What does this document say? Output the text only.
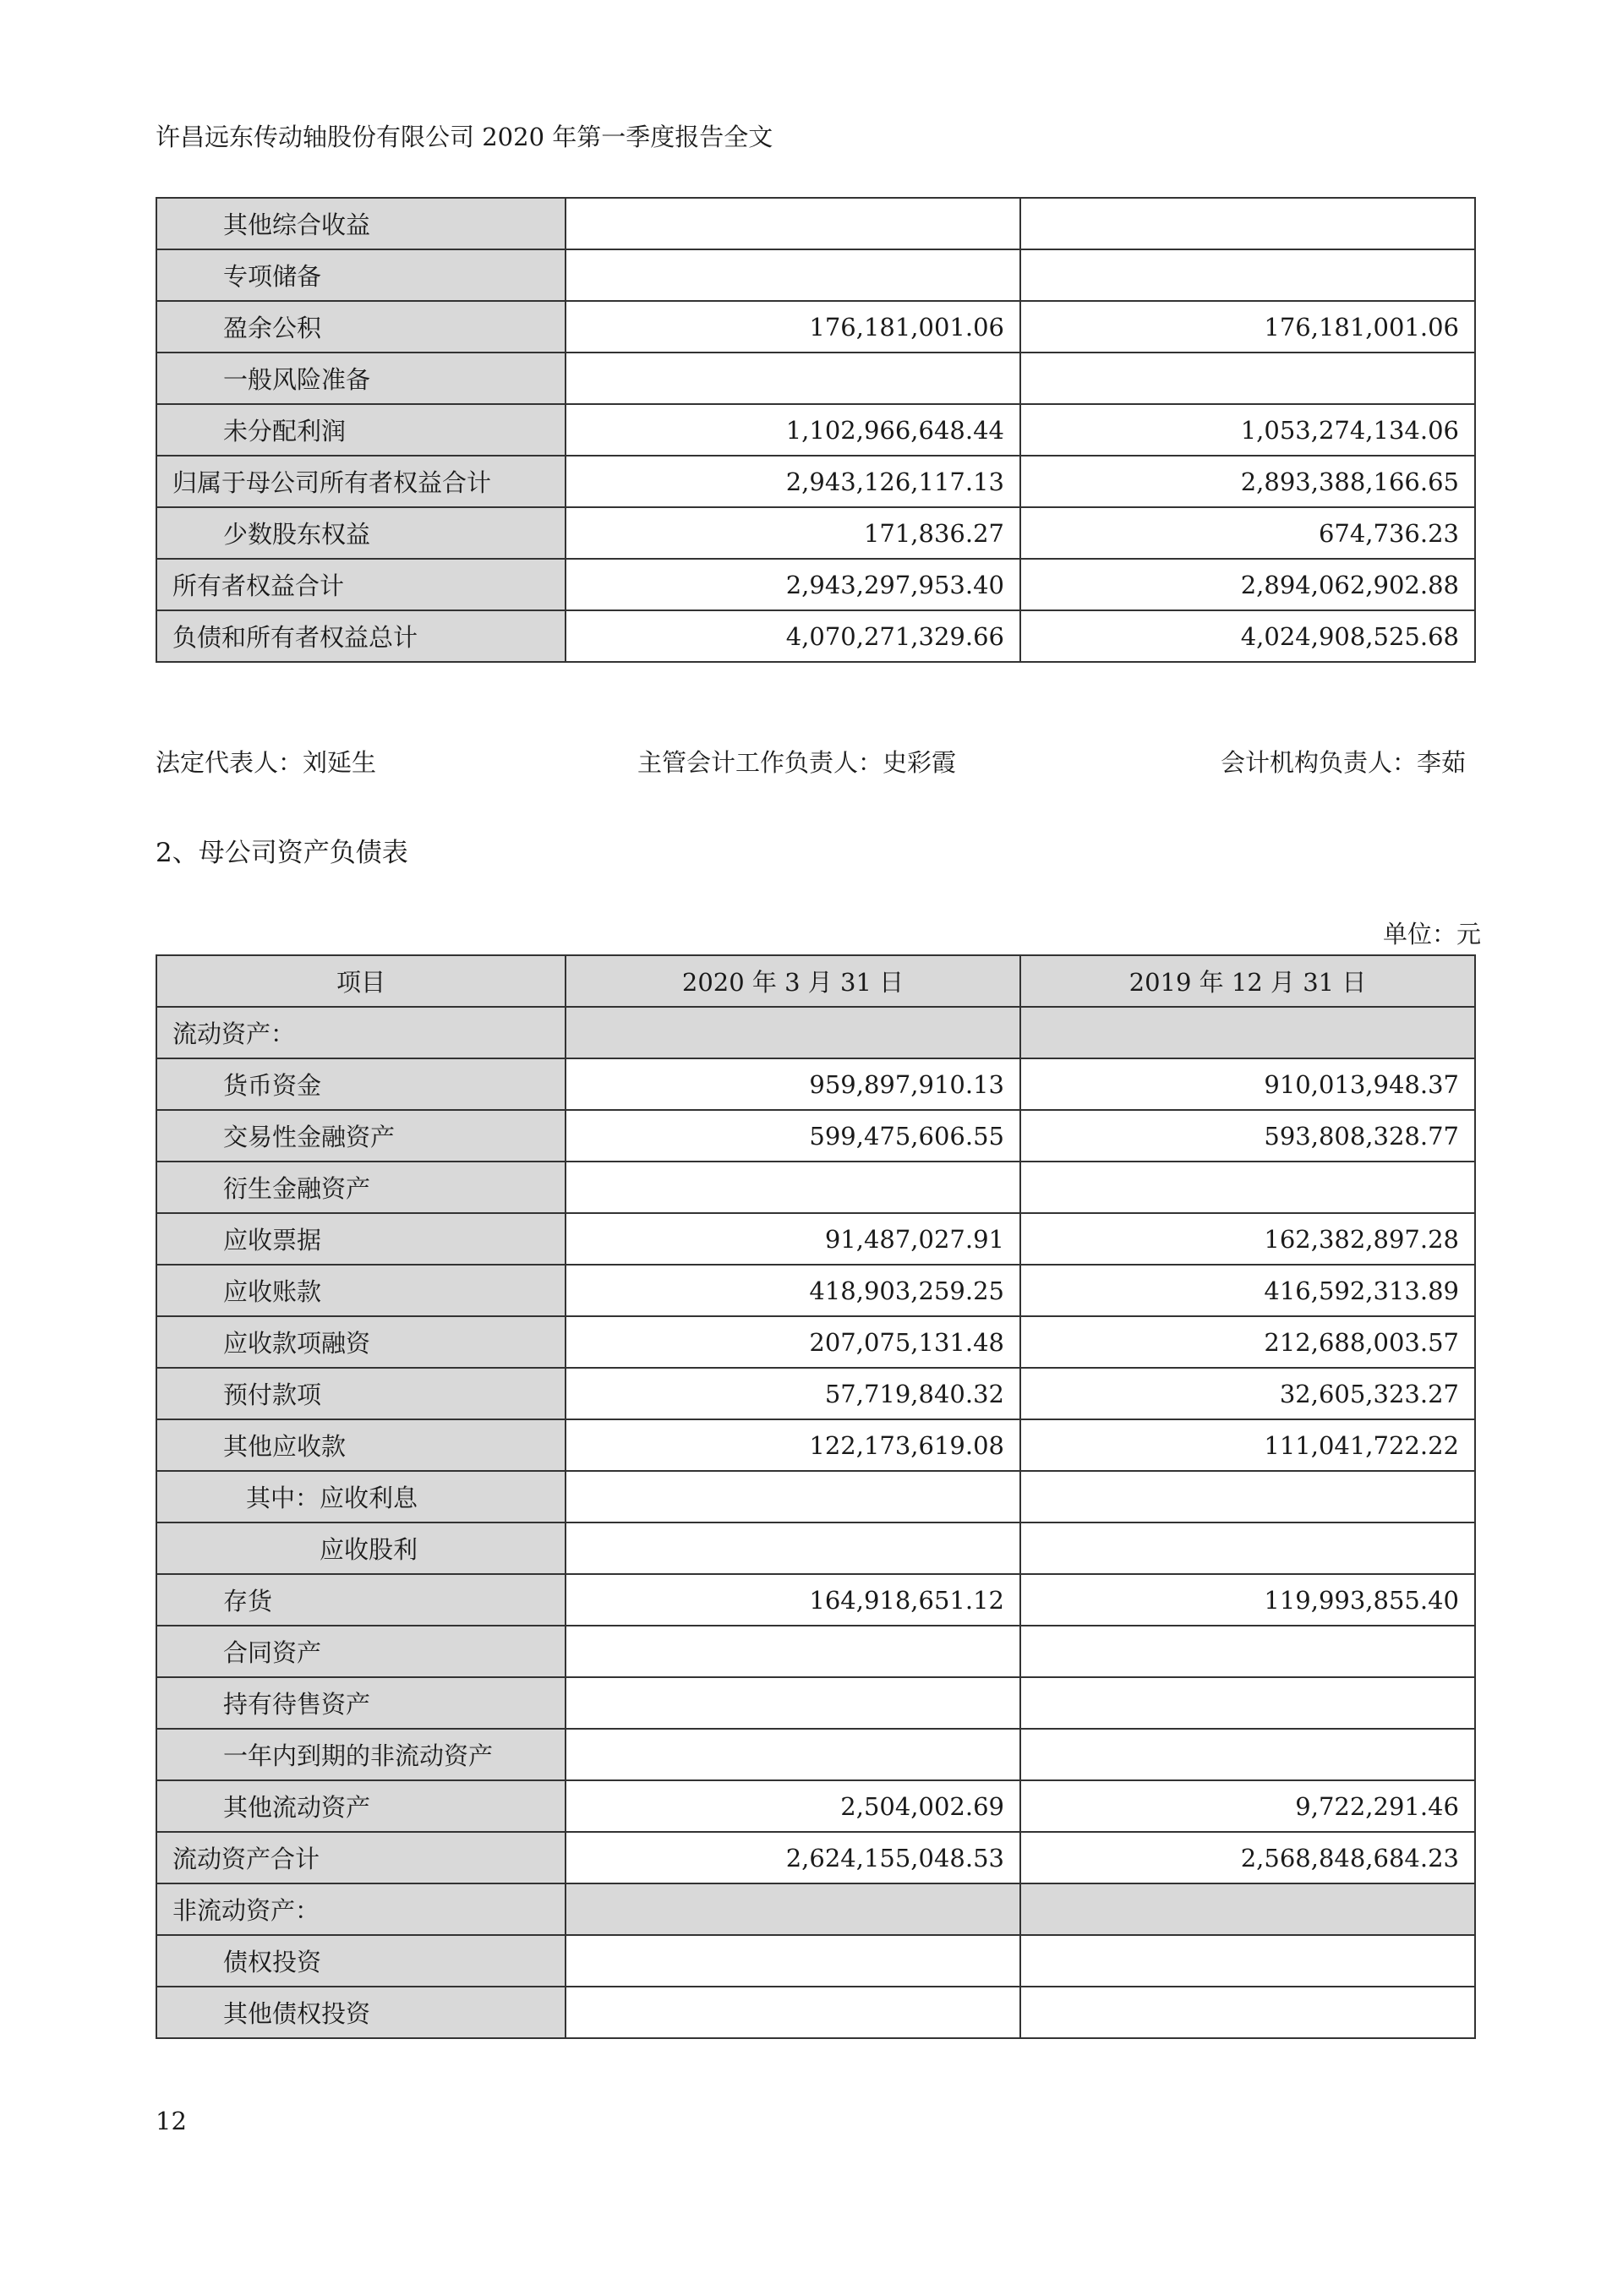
许昌远东传动轴股份有限公司 2020 年第一季度报告全文
其他综合收益		
专项储备		
盈余公积	176,181,001.06	176,181,001.06
一般风险准备		
未分配利润	1,102,966,648.44	1,053,274,134.06
归属于母公司所有者权益合计	2,943,126,117.13	2,893,388,166.65
少数股东权益	171,836.27	674,736.23
所有者权益合计	2,943,297,953.40	2,894,062,902.88
负债和所有者权益总计	4,070,271,329.66	4,024,908,525.68
法定代表人：刘延生	主管会计工作负责人：史彩霞	会计机构负责人：李茹
2、母公司资产负债表
单位：元
项目	2020 年 3 月 31 日	2019 年 12 月 31 日
流动资产：		
货币资金	959,897,910.13	910,013,948.37
交易性金融资产	599,475,606.55	593,808,328.77
衍生金融资产		
应收票据	91,487,027.91	162,382,897.28
应收账款	418,903,259.25	416,592,313.89
应收款项融资	207,075,131.48	212,688,003.57
预付款项	57,719,840.32	32,605,323.27
其他应收款	122,173,619.08	111,041,722.22
其中：应收利息		
应收股利		
存货	164,918,651.12	119,993,855.40
合同资产		
持有待售资产		
一年内到期的非流动资产		
其他流动资产	2,504,002.69	9,722,291.46
流动资产合计	2,624,155,048.53	2,568,848,684.23
非流动资产：		
债权投资		
其他债权投资		
12
